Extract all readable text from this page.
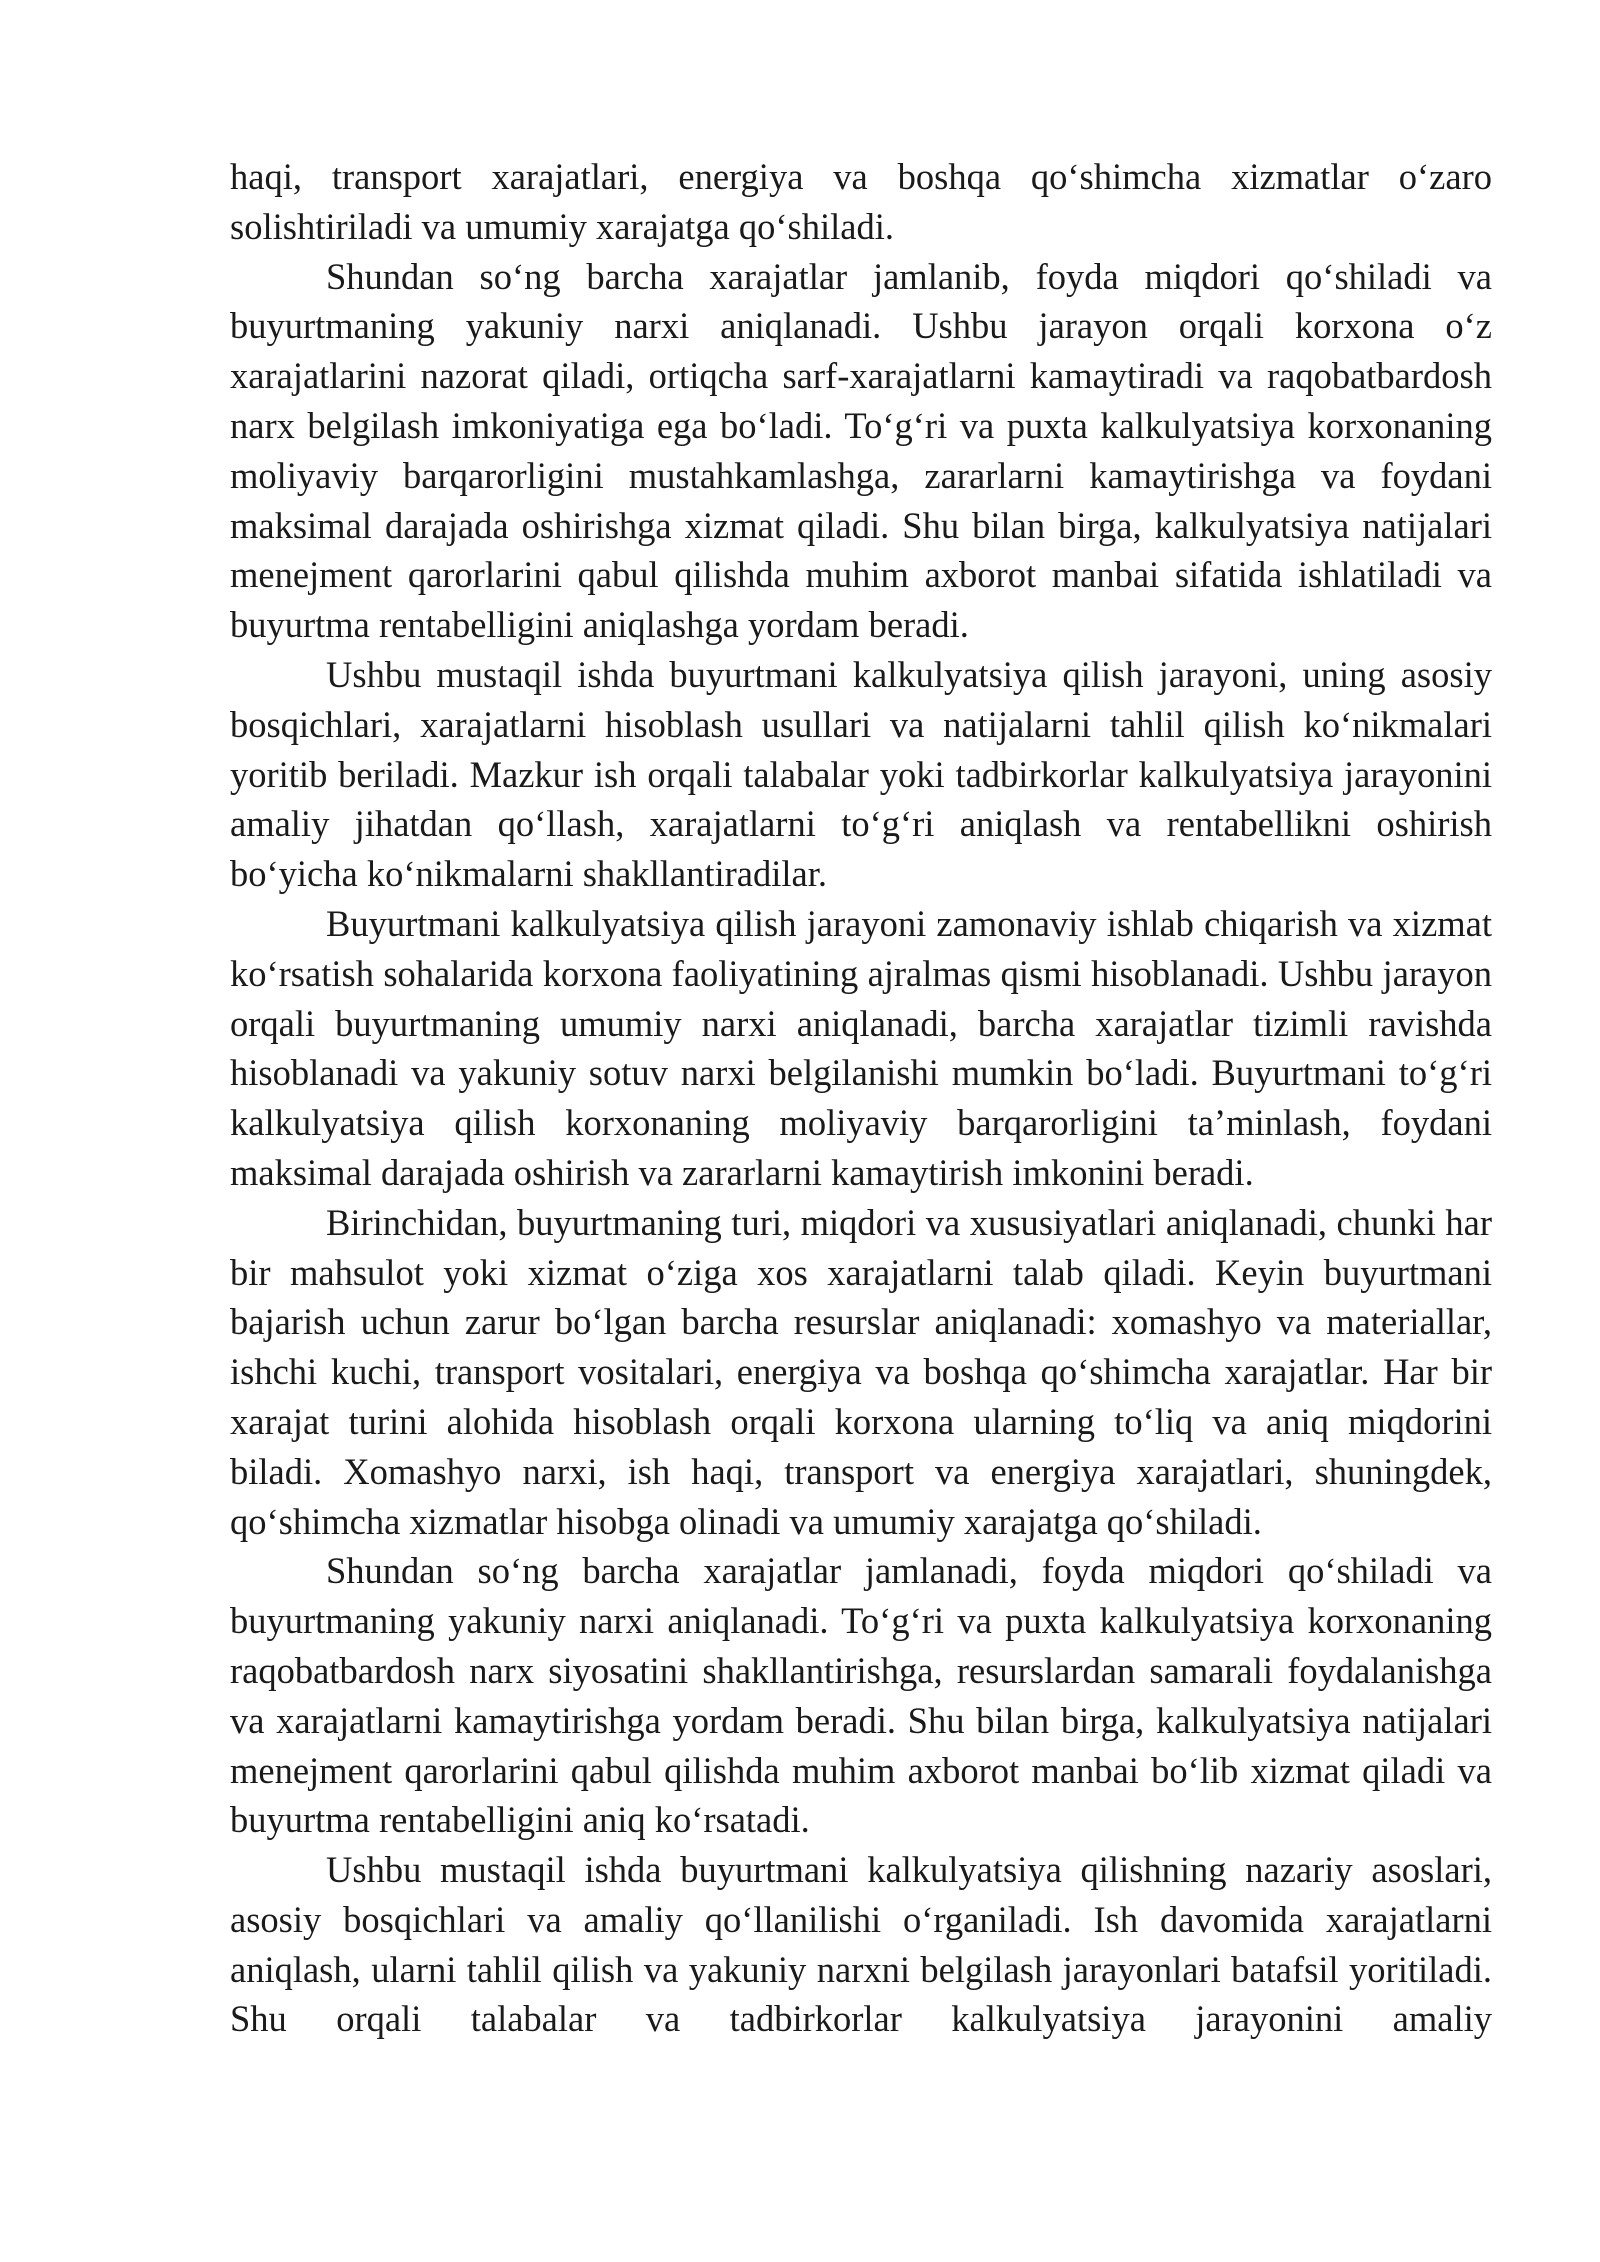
haqi, transport xarajatlari, energiya va boshqa qo‘shimcha xizmatlar o‘zaro solishtiriladi va umumiy xarajatga qo‘shiladi.

Shundan so‘ng barcha xarajatlar jamlanib, foyda miqdori qo‘shiladi va buyurtmaning yakuniy narxi aniqlanadi. Ushbu jarayon orqali korxona o‘z xarajatlarini nazorat qiladi, ortiqcha sarf-xarajatlarni kamaytiradi va raqobatbardosh narx belgilash imkoniyatiga ega bo‘ladi. To‘g‘ri va puxta kalkulyatsiya korxonaning moliyaviy barqarorligini mustahkamlashga, zararlarni kamaytirishga va foydani maksimal darajada oshirishga xizmat qiladi. Shu bilan birga, kalkulyatsiya natijalari menejment qarorlarini qabul qilishda muhim axborot manbai sifatida ishlatiladi va buyurtma rentabelligini aniqlashga yordam beradi.

Ushbu mustaqil ishda buyurtmani kalkulyatsiya qilish jarayoni, uning asosiy bosqichlari, xarajatlarni hisoblash usullari va natijalarni tahlil qilish ko‘nikmalari yoritib beriladi. Mazkur ish orqali talabalar yoki tadbirkorlar kalkulyatsiya jarayonini amaliy jihatdan qo‘llash, xarajatlarni to‘g‘ri aniqlash va rentabellikni oshirish bo‘yicha ko‘nikmalarni shakllantiradilar.

Buyurtmani kalkulyatsiya qilish jarayoni zamonaviy ishlab chiqarish va xizmat ko‘rsatish sohalarida korxona faoliyatining ajralmas qismi hisoblanadi. Ushbu jarayon orqali buyurtmaning umumiy narxi aniqlanadi, barcha xarajatlar tizimli ravishda hisoblanadi va yakuniy sotuv narxi belgilanishi mumkin bo‘ladi. Buyurtmani to‘g‘ri kalkulyatsiya qilish korxonaning moliyaviy barqarorligini ta’minlash, foydani maksimal darajada oshirish va zararlarni kamaytirish imkonini beradi.

Birinchidan, buyurtmaning turi, miqdori va xususiyatlari aniqlanadi, chunki har bir mahsulot yoki xizmat o‘ziga xos xarajatlarni talab qiladi. Keyin buyurtmani bajarish uchun zarur bo‘lgan barcha resurslar aniqlanadi: xomashyo va materiallar, ishchi kuchi, transport vositalari, energiya va boshqa qo‘shimcha xarajatlar. Har bir xarajat turini alohida hisoblash orqali korxona ularning to‘liq va aniq miqdorini biladi. Xomashyo narxi, ish haqi, transport va energiya xarajatlari, shuningdek, qo‘shimcha xizmatlar hisobga olinadi va umumiy xarajatga qo‘shiladi.

Shundan so‘ng barcha xarajatlar jamlanadi, foyda miqdori qo‘shiladi va buyurtmaning yakuniy narxi aniqlanadi. To‘g‘ri va puxta kalkulyatsiya korxonaning raqobatbardosh narx siyosatini shakllantirishga, resurslardan samarali foydalanishga va xarajatlarni kamaytirishga yordam beradi. Shu bilan birga, kalkulyatsiya natijalari menejment qarorlarini qabul qilishda muhim axborot manbai bo‘lib xizmat qiladi va buyurtma rentabelligini aniq ko‘rsatadi.

Ushbu mustaqil ishda buyurtmani kalkulyatsiya qilishning nazariy asoslari, asosiy bosqichlari va amaliy qo‘llanilishi o‘rganiladi. Ish davomida xarajatlarni aniqlash, ularni tahlil qilish va yakuniy narxni belgilash jarayonlari batafsil yoritiladi. Shu orqali talabalar va tadbirkorlar kalkulyatsiya jarayonini amaliy
